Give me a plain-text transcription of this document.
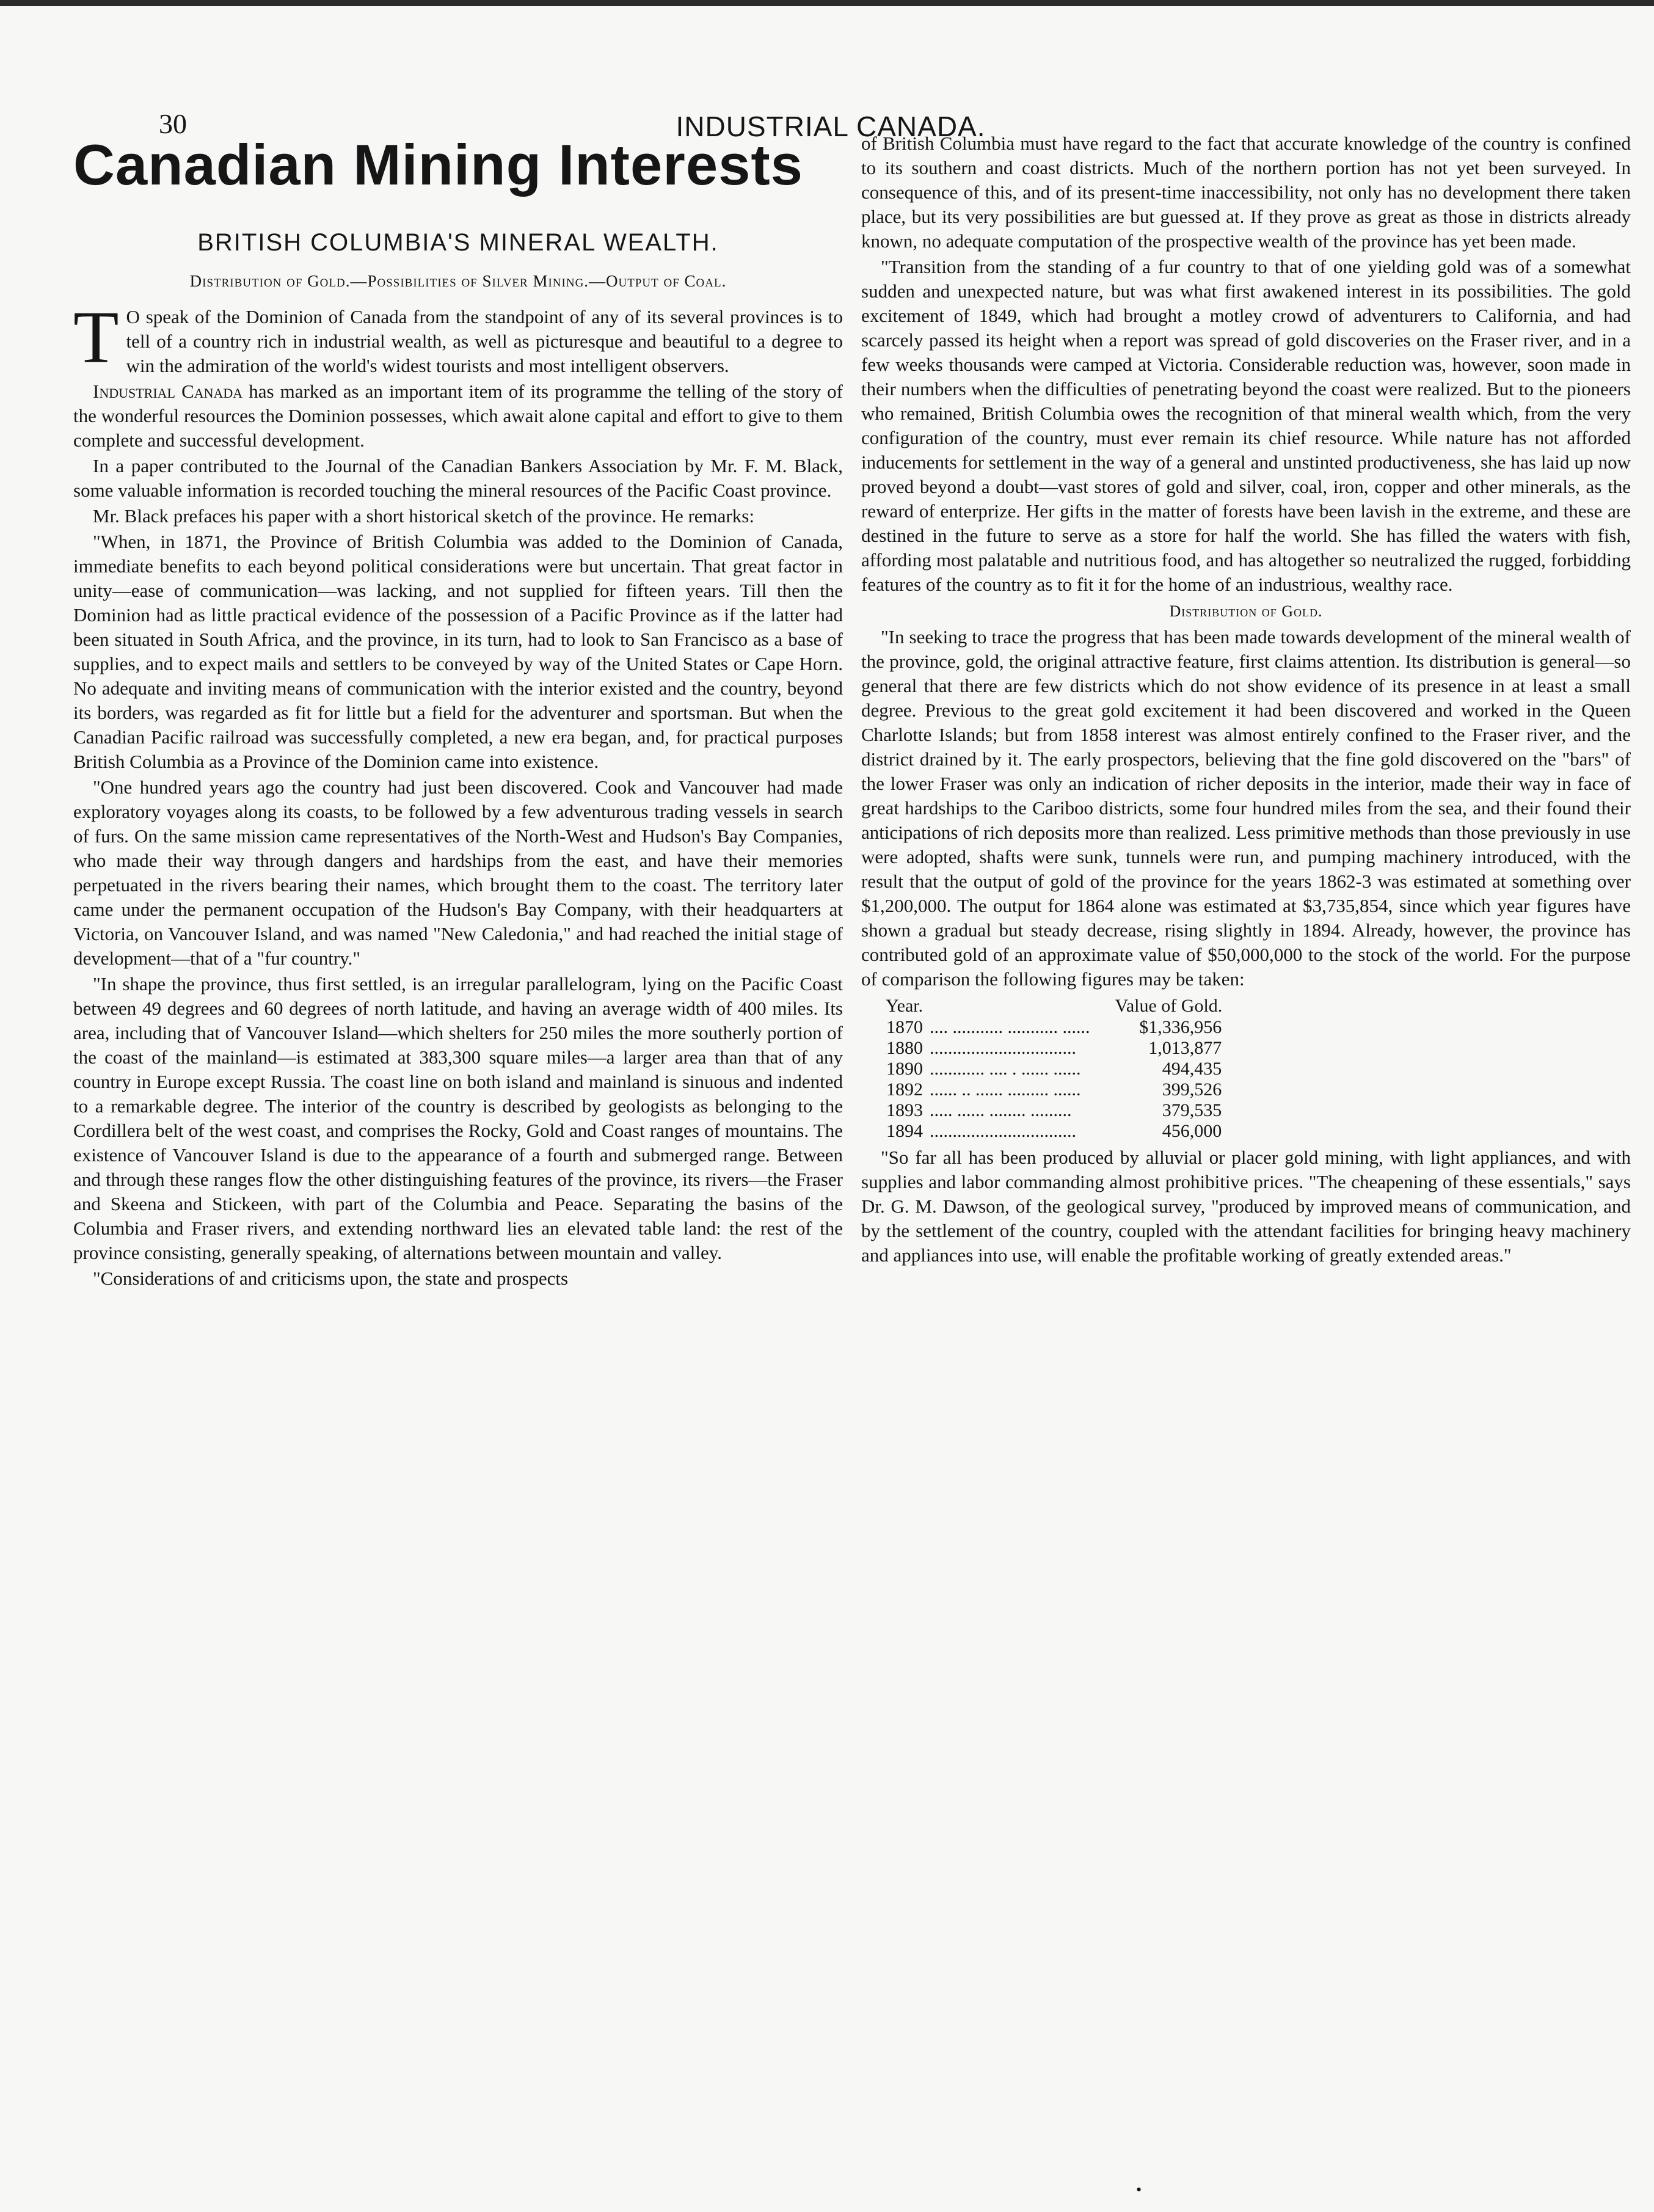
30	INDUSTRIAL CANADA.
Canadian Mining Interests
BRITISH COLUMBIA'S MINERAL WEALTH.
Distribution of Gold.—Possibilities of Silver Mining.—Output of Coal.

T O speak of the Dominion of Canada from the standpoint of any of its several provinces is to tell of a country rich in industrial wealth, as well as picturesque and beautiful to a degree to win the admiration of the world's widest tourists and most intelligent observers.

Industrial Canada has marked as an important item of its programme the telling of the story of the wonderful resources the Dominion possesses, which await alone capital and effort to give to them complete and successful development.

In a paper contributed to the Journal of the Canadian Bankers Association by Mr. F. M. Black, some valuable information is recorded touching the mineral resources of the Pacific Coast province.

Mr. Black prefaces his paper with a short historical sketch of the province. He remarks:

"When, in 1871, the Province of British Columbia was added to the Dominion of Canada, immediate benefits to each beyond political considerations were but uncertain. That great factor in unity—ease of communication—was lacking, and not supplied for fifteen years. Till then the Dominion had as little practical evidence of the possession of a Pacific Province as if the latter had been situated in South Africa, and the province, in its turn, had to look to San Francisco as a base of supplies, and to expect mails and settlers to be conveyed by way of the United States or Cape Horn. No adequate and inviting means of communication with the interior existed and the country, beyond its borders, was regarded as fit for little but a field for the adventurer and sportsman. But when the Canadian Pacific railroad was successfully completed, a new era began, and, for practical purposes British Columbia as a Province of the Dominion came into existence.

"One hundred years ago the country had just been discovered. Cook and Vancouver had made exploratory voyages along its coasts, to be followed by a few adventurous trading vessels in search of furs. On the same mission came representatives of the North-West and Hudson's Bay Companies, who made their way through dangers and hardships from the east, and have their memories perpetuated in the rivers bearing their names, which brought them to the coast. The territory later came under the permanent occupation of the Hudson's Bay Company, with their headquarters at Victoria, on Vancouver Island, and was named "New Caledonia," and had reached the initial stage of development—that of a "fur country."

"In shape the province, thus first settled, is an irregular parallelogram, lying on the Pacific Coast between 49 degrees and 60 degrees of north latitude, and having an average width of 400 miles. Its area, including that of Vancouver Island—which shelters for 250 miles the more southerly portion of the coast of the mainland—is estimated at 383,300 square miles—a larger area than that of any country in Europe except Russia. The coast line on both island and mainland is sinuous and indented to a remarkable degree. The interior of the country is described by geologists as belonging to the Cordillera belt of the west coast, and comprises the Rocky, Gold and Coast ranges of mountains. The existence of Vancouver Island is due to the appearance of a fourth and submerged range. Between and through these ranges flow the other distinguishing features of the province, its rivers—the Fraser and Skeena and Stickeen, with part of the Columbia and Peace. Separating the basins of the Columbia and Fraser rivers, and extending northward lies an elevated table land: the rest of the province consisting, generally speaking, of alternations between mountain and valley.

"Considerations of and criticisms upon, the state and prospects

of British Columbia must have regard to the fact that accurate knowledge of the country is confined to its southern and coast districts. Much of the northern portion has not yet been surveyed. In consequence of this, and of its present-time inaccessibility, not only has no development there taken place, but its very possibilities are but guessed at. If they prove as great as those in districts already known, no adequate computation of the prospective wealth of the province has yet been made.

"Transition from the standing of a fur country to that of one yielding gold was of a somewhat sudden and unexpected nature, but was what first awakened interest in its possibilities. The gold excitement of 1849, which had brought a motley crowd of adventurers to California, and had scarcely passed its height when a report was spread of gold discoveries on the Fraser river, and in a few weeks thousands were camped at Victoria. Considerable reduction was, however, soon made in their numbers when the difficulties of penetrating beyond the coast were realized. But to the pioneers who remained, British Columbia owes the recognition of that mineral wealth which, from the very configuration of the country, must ever remain its chief resource. While nature has not afforded inducements for settlement in the way of a general and unstinted productiveness, she has laid up now proved beyond a doubt—vast stores of gold and silver, coal, iron, copper and other minerals, as the reward of enterprize. Her gifts in the matter of forests have been lavish in the extreme, and these are destined in the future to serve as a store for half the world. She has filled the waters with fish, affording most palatable and nutritious food, and has altogether so neutralized the rugged, forbidding features of the country as to fit it for the home of an industrious, wealthy race.

Distribution of Gold.

"In seeking to trace the progress that has been made towards development of the mineral wealth of the province, gold, the original attractive feature, first claims attention. Its distribution is general—so general that there are few districts which do not show evidence of its presence in at least a small degree. Previous to the great gold excitement it had been discovered and worked in the Queen Charlotte Islands; but from 1858 interest was almost entirely confined to the Fraser river, and the district drained by it. The early prospectors, believing that the fine gold discovered on the "bars" of the lower Fraser was only an indication of richer deposits in the interior, made their way in face of great hardships to the Cariboo districts, some four hundred miles from the sea, and their found their anticipations of rich deposits more than realized. Less primitive methods than those previously in use were adopted, shafts were sunk, tunnels were run, and pumping machinery introduced, with the result that the output of gold of the province for the years 1862-3 was estimated at something over $1,200,000. The output for 1864 alone was estimated at $3,735,854, since which year figures have shown a gradual but steady decrease, rising slightly in 1894. Already, however, the province has contributed gold of an approximate value of $50,000,000 to the stock of the world. For the purpose of comparison the following figures may be taken:

Year.		Value of Gold.
1870	.... ........... ........... ......	$1,336,956
1880	................................	1,013,877
1890	............ .... . ...... ......	494,435
1892	...... .. ...... ......... ......	399,526
1893	..... ...... ........ .........	379,535
1894	................................	456,000

"So far all has been produced by alluvial or placer gold mining, with light appliances, and with supplies and labor commanding almost prohibitive prices. "The cheapening of these essentials," says Dr. G. M. Dawson, of the geological survey, "produced by improved means of communication, and by the settlement of the country, coupled with the attendant facilities for bringing heavy machinery and appliances into use, will enable the profitable working of greatly extended areas."

•
